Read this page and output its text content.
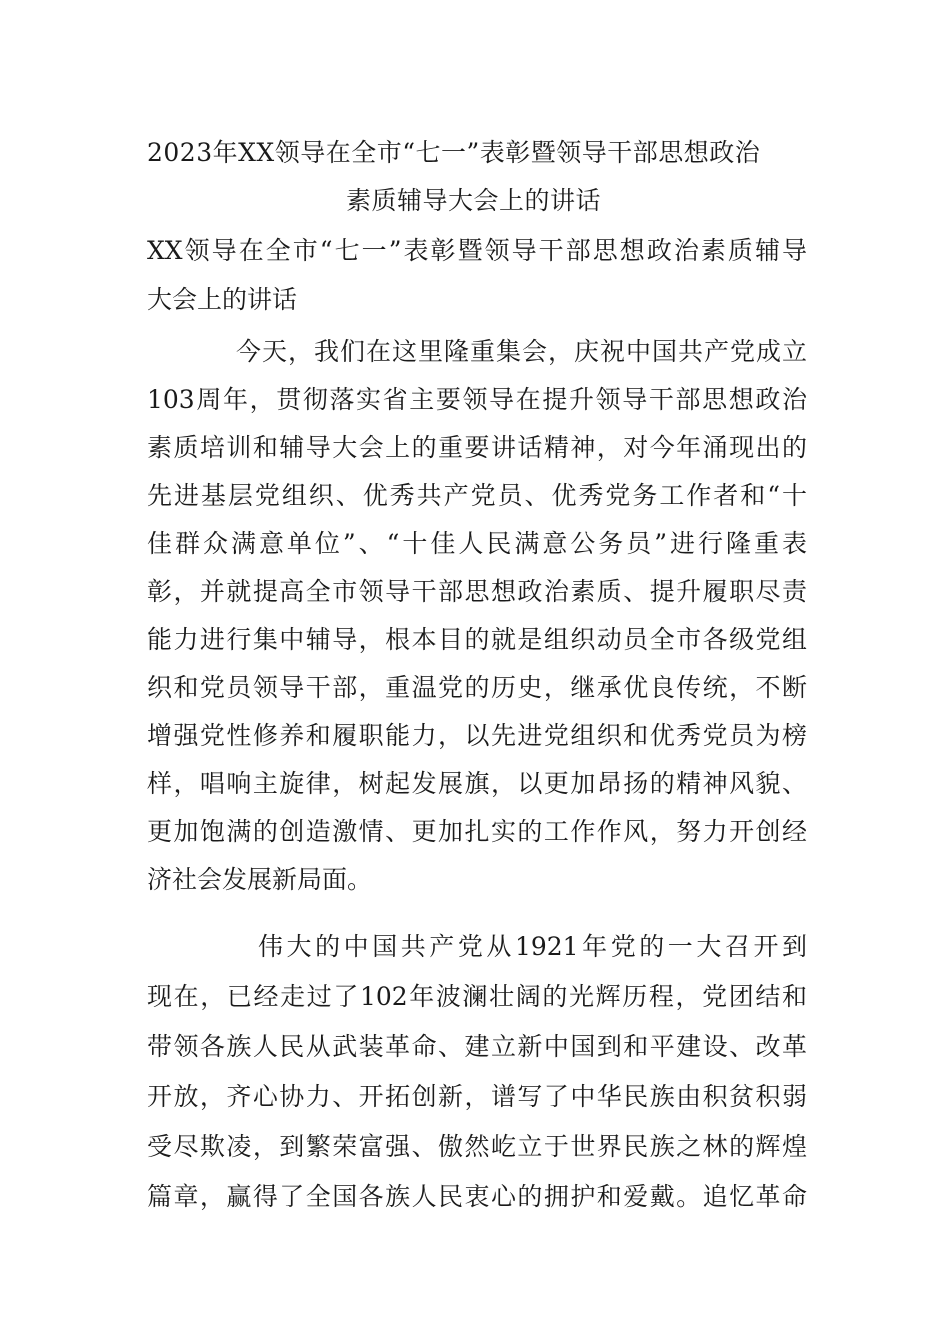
2023年XX领导在全市“七一”表彰暨领导干部思想政治
素质辅导大会上的讲话
XX领导在全市“七一”表彰暨领导干部思想政治素质辅导
大会上的讲话
今天，我们在这里隆重集会，庆祝中国共产党成立
103周年，贯彻落实省主要领导在提升领导干部思想政治
素质培训和辅导大会上的重要讲话精神，对今年涌现出的
先进基层党组织、优秀共产党员、优秀党务工作者和“十
佳群众满意单位”、“十佳人民满意公务员”进行隆重表
彰，并就提高全市领导干部思想政治素质、提升履职尽责
能力进行集中辅导，根本目的就是组织动员全市各级党组
织和党员领导干部，重温党的历史，继承优良传统，不断
增强党性修养和履职能力，以先进党组织和优秀党员为榜
样，唱响主旋律，树起发展旗，以更加昂扬的精神风貌、
更加饱满的创造激情、更加扎实的工作作风，努力开创经
济社会发展新局面。
伟大的中国共产党从1921年党的一大召开到
现在，已经走过了102年波澜壮阔的光辉历程，党团结和
带领各族人民从武装革命、建立新中国到和平建设、改革
开放，齐心协力、开拓创新，谱写了中华民族由积贫积弱
受尽欺凌，到繁荣富强、傲然屹立于世界民族之林的辉煌
篇章，赢得了全国各族人民衷心的拥护和爱戴。追忆革命
